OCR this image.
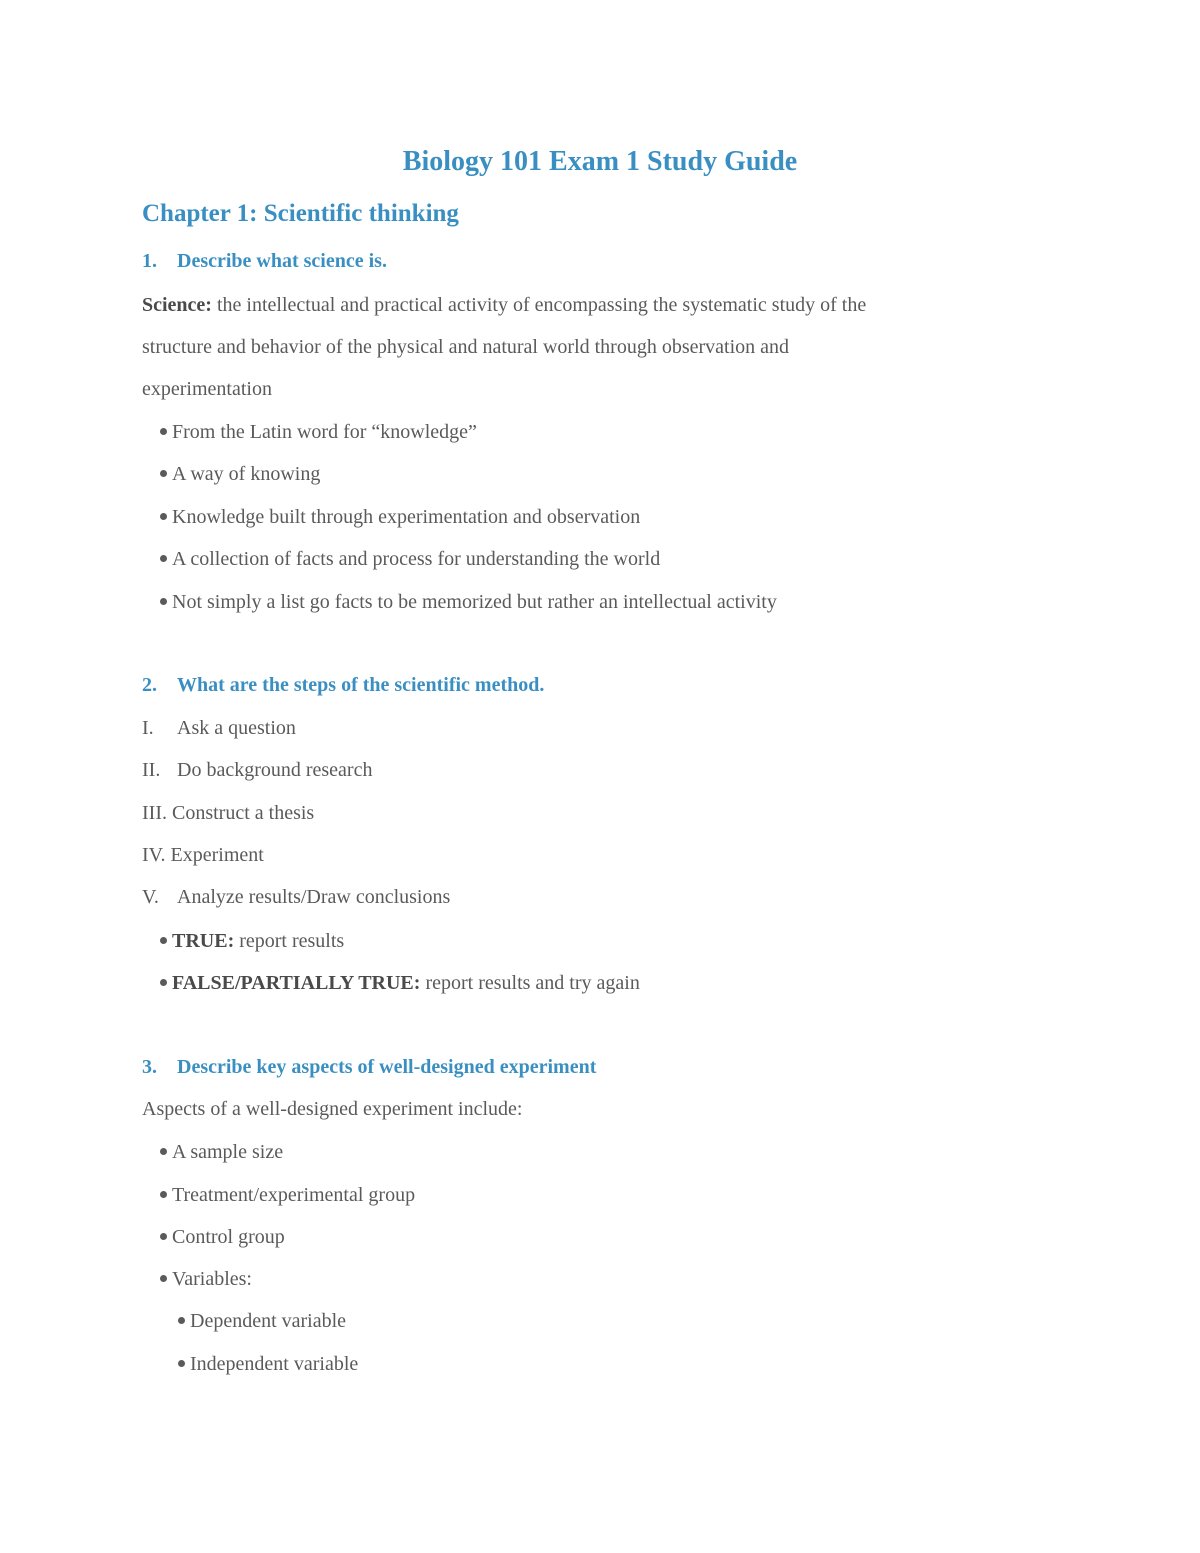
Biology 101 Exam 1 Study Guide
Chapter 1: Scientific thinking
1. Describe what science is.
Science: the intellectual and practical activity of encompassing the systematic study of the
structure and behavior of the physical and natural world through observation and
experimentation
From the Latin word for “knowledge”
A way of knowing
Knowledge built through experimentation and observation
A collection of facts and process for understanding the world
Not simply a list go facts to be memorized but rather an intellectual activity
2. What are the steps of the scientific method.
I. Ask a question
II. Do background research
III. Construct a thesis
IV. Experiment
V. Analyze results/Draw conclusions
TRUE: report results
FALSE/PARTIALLY TRUE: report results and try again
3. Describe key aspects of well-designed experiment
Aspects of a well-designed experiment include:
A sample size
Treatment/experimental group
Control group
Variables:
Dependent variable
Independent variable
